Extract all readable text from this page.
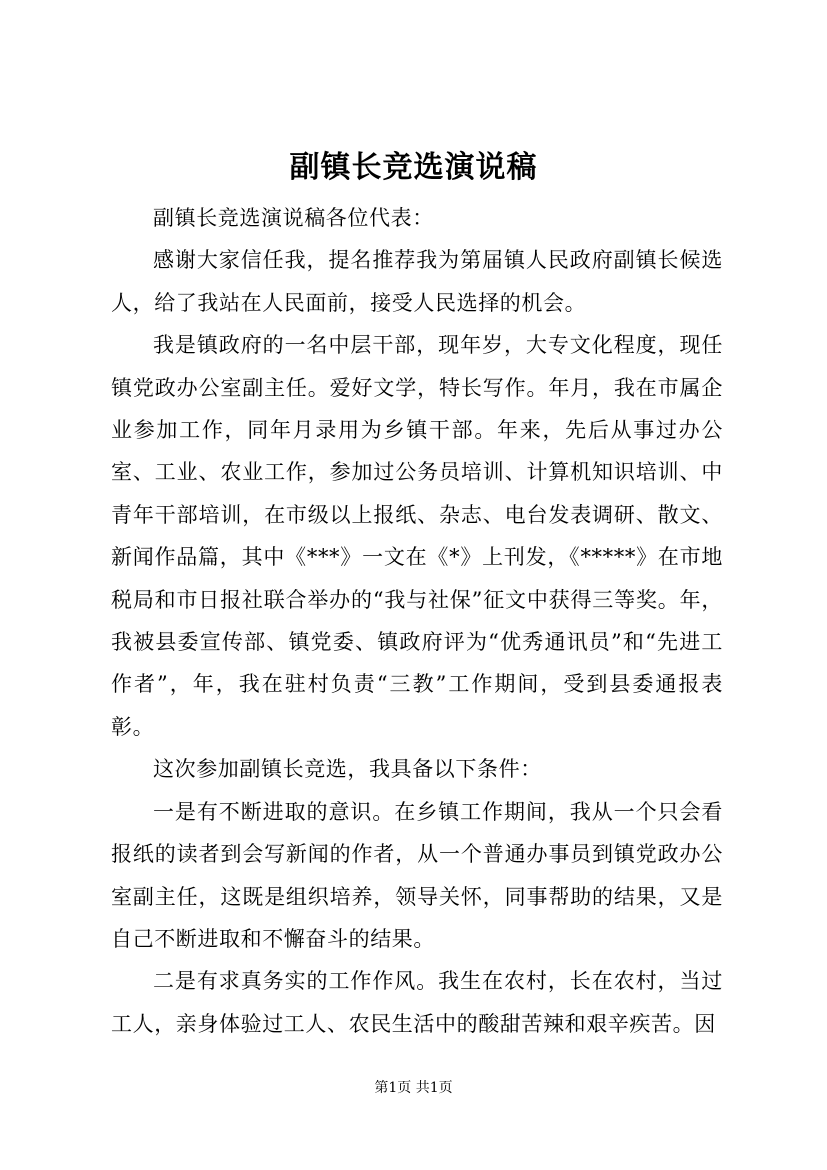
副镇长竞选演说稿

副镇长竞选演说稿各位代表：

感谢大家信任我，提名推荐我为第届镇人民政府副镇长候选人，给了我站在人民面前，接受人民选择的机会。

我是镇政府的一名中层干部，现年岁，大专文化程度，现任镇党政办公室副主任。爱好文学，特长写作。年月，我在市属企业参加工作，同年月录用为乡镇干部。年来，先后从事过办公室、工业、农业工作，参加过公务员培训、计算机知识培训、中青年干部培训，在市级以上报纸、杂志、电台发表调研、散文、新闻作品篇，其中《***》一文在《*》上刊发，《*****》在市地税局和市日报社联合举办的“我与社保”征文中获得三等奖。年，我被县委宣传部、镇党委、镇政府评为“优秀通讯员”和“先进工作者”，年，我在驻村负责“三教”工作期间，受到县委通报表彰。

这次参加副镇长竞选，我具备以下条件：

一是有不断进取的意识。在乡镇工作期间，我从一个只会看报纸的读者到会写新闻的作者，从一个普通办事员到镇党政办公室副主任，这既是组织培养，领导关怀，同事帮助的结果，又是自己不断进取和不懈奋斗的结果。

二是有求真务实的工作作风。我生在农村，长在农村，当过工人，亲身体验过工人、农民生活中的酸甜苦辣和艰辛疾苦。因

第1页 共1页
